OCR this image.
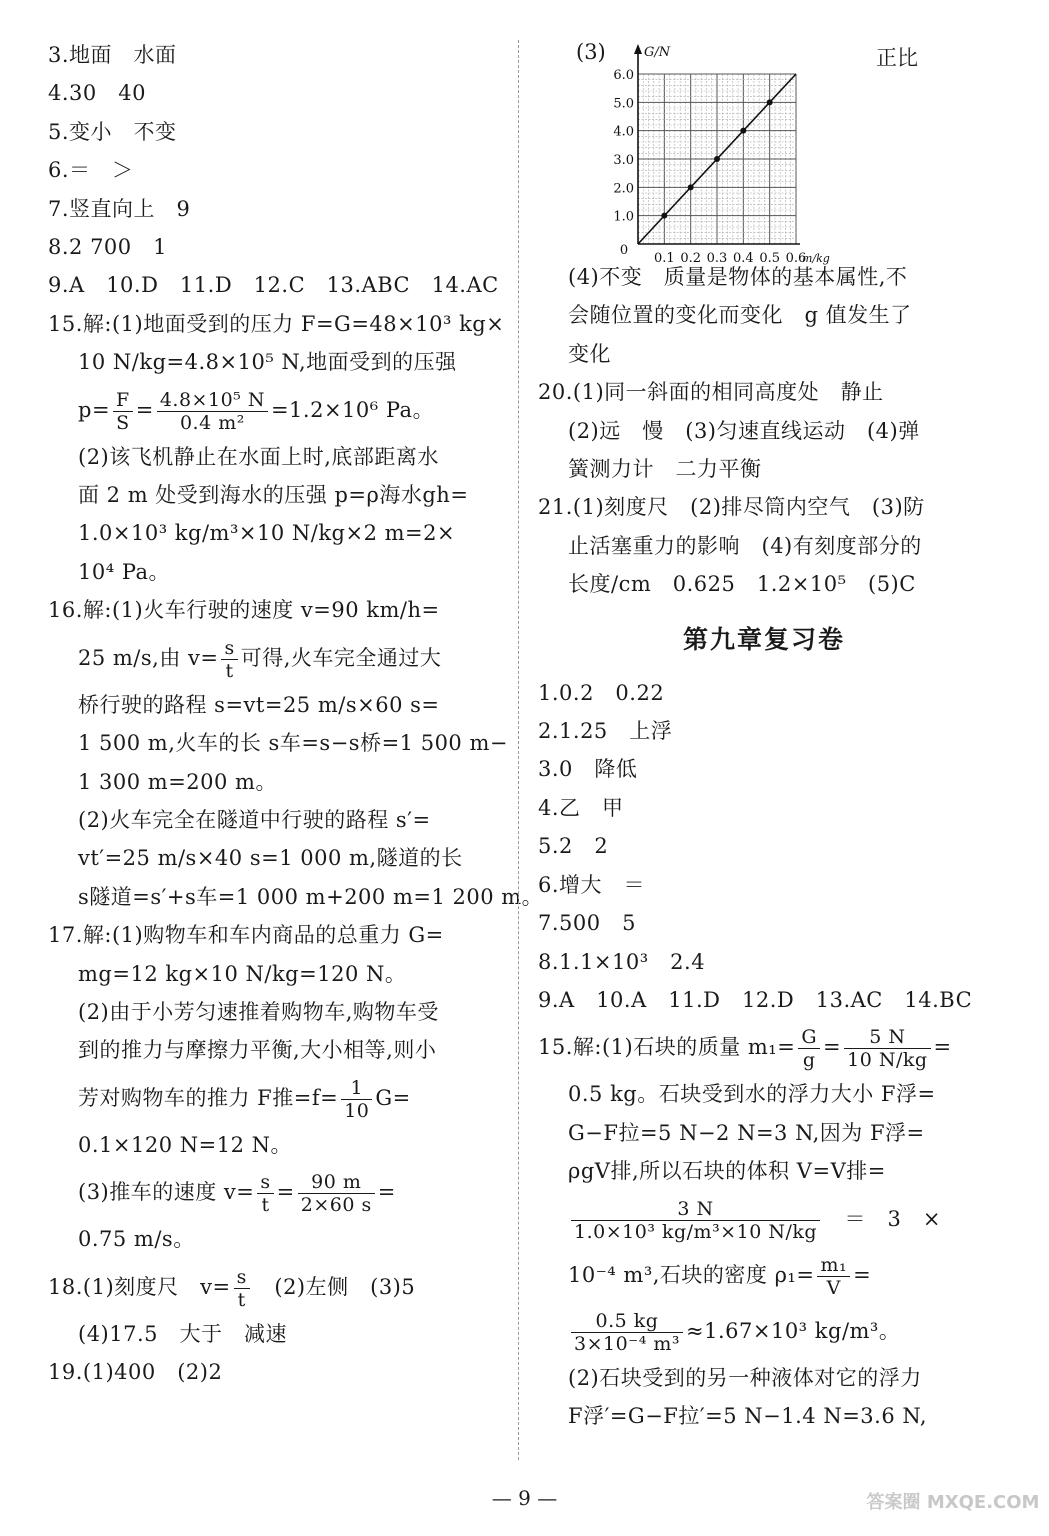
3.地面　水面
4.30　40
5.变小　不变
6.＝　＞
7.竖直向上　9
8.2 700　1
9.A　10.D　11.D　12.C　13.ABC　14.AC
15.解:(1)地面受到的压力 F=G=48×10³ kg×
10 N/kg=4.8×10⁵ N,地面受到的压强
$p= \frac{F}{S} = \frac{\text{4.8×10⁵ N}}{\text{0.4 m²}} =1.2\times 10^6$ Pa。
(2)该飞机静止在水面上时,底部距离水
面 2 m 处受到海水的压强 p=ρ海水gh=
1.0×10³ kg/m³×10 N/kg×2 m=2×
10⁴ Pa。
16.解:(1)火车行驶的速度 v=90 km/h=
25 m/s,由 $v= \frac{s}{t}$ 可得,火车完全通过大
桥行驶的路程 s=vt=25 m/s×60 s=
1 500 m,火车的长 s车=s−s桥=1 500 m−
1 300 m=200 m。
(2)火车完全在隧道中行驶的路程 s′=
vt′=25 m/s×40 s=1 000 m,隧道的长
s隧道=s′+s车=1 000 m+200 m=1 200 m。
17.解:(1)购物车和车内商品的总重力 G=
mg=12 kg×10 N/kg=120 N。
(2)由于小芳匀速推着购物车,购物车受
到的推力与摩擦力平衡,大小相等,则小
芳对购物车的推力 F推$=f= \frac{1}{10} G=$
0.1×120 N=12 N。
(3)推车的速度 $v= \frac{s}{t} = \frac{90 m}{2\times 60 s}$ =
0.75 m/s。
18.(1)刻度尺　$v= \frac{s}{t}$ 　(2)左侧　(3)5
(4)17.5　大于　减速
19.(1)400　(2)2
(3)	正比
1.0
2.0
3.0
4.0
5.0
6.0
0.1 0.2 0.3 0.4 0.5 0.6
0
G/N
m/kg
(4)不变　质量是物体的基本属性,不
会随位置的变化而变化　g 值发生了
变化
20.(1)同一斜面的相同高度处　静止
(2)远　慢　(3)匀速直线运动　(4)弹
簧测力计　二力平衡
21.(1)刻度尺　(2)排尽筒内空气　(3)防
止活塞重力的影响　(4)有刻度部分的
长度/cm　0.625　1.2×10⁵　(5)C
第九章复习卷
1.0.2　0.22
2.1.25　上浮
3.0　降低
4.乙　甲
5.2　2
6.增大　＝
7.500　5
8.1.1×10³　2.4
9.A　10.A　11.D　12.D　13.AC　14.BC
15.解:(1)石块的质量 $m_1= \frac{G}{g} = \frac{5 N}{10 N/kg}$ =
0.5 kg。石块受到水的浮力大小 F浮=
G−F拉=5 N−2 N=3 N,因为 F浮=
ρgV排,所以石块的体积 V=V排=
$\frac{3 N}{\text{1.0×10³ kg/m³×10 N/kg}}$ 　＝　3　×
10⁻⁴ m³,石块的密度 $\rho_1= \frac{\text{m₁}}{V}$ =
$\frac{0.5 kg}{\text{3×10⁻⁴ m³}} \approx 1.67\times 10^3$ kg/m³。
(2)石块受到的另一种液体对它的浮力
F浮′=G−F拉′=5 N−1.4 N=3.6 N,
— 9 —	答案圈 MXQE.COM
